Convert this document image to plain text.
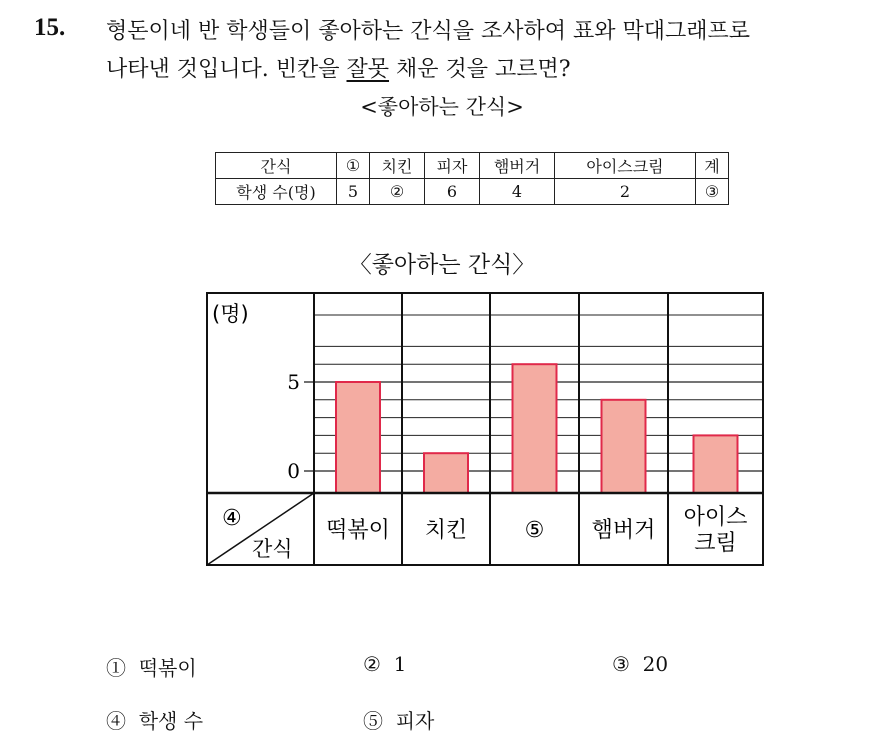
15. 형돈이네 반 학생들이 좋아하는 간식을 조사하여 표와 막대그래프로
나타낸 것입니다. 빈칸을 잘못 채운 것을 고르면?
<좋아하는 간식>
간식	①	치킨	피자	햄버거	아이스크림	계
학생 수(명)	5	②	6	4	2	③
〈좋아하는 간식〉
(명)
0
5
④
간식
떡볶이 치킨	⑤ 햄버거
아이스 크림
① 떡볶이	② 1	③ 20
④ 학생 수	⑤ 피자
